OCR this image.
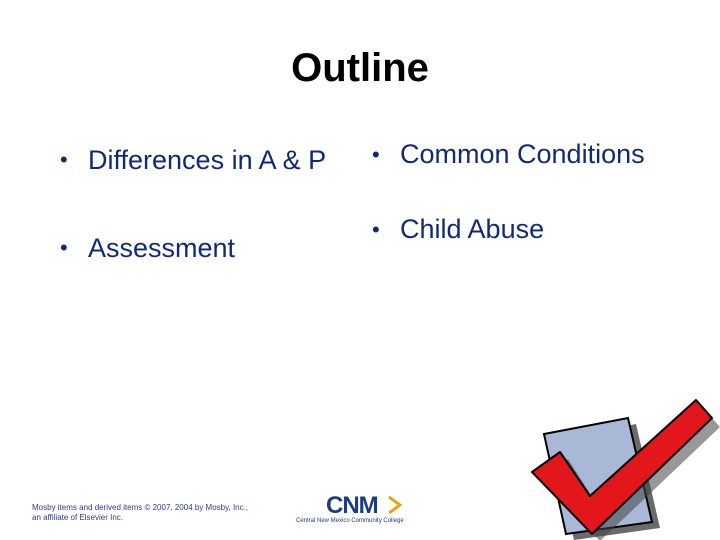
Outline
• Differences in A & P
• Assessment
• Common Conditions
• Child Abuse
Mosby items and derived items © 2007, 2004 by Mosby, Inc.,
an affiliate of Elsevier Inc.	CNM
Central New Mexico Community College
